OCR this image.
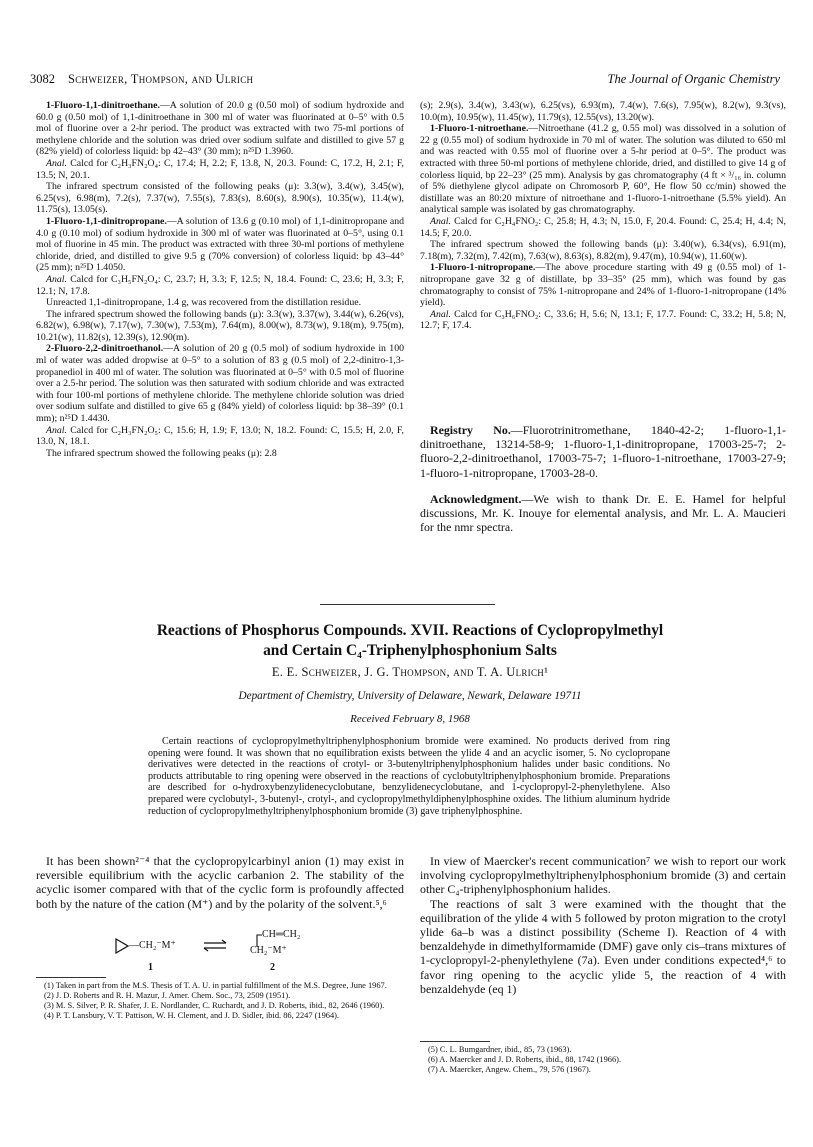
3082 Schweizer, Thompson, and Ulrich	The Journal of Organic Chemistry

1-Fluoro-1,1-dinitroethane.—A solution of 20.0 g (0.50 mol) of sodium hydroxide and 60.0 g (0.50 mol) of 1,1-dinitroethane in 300 ml of water was fluorinated at 0–5° with 0.5 mol of fluorine over a 2-hr period. The product was extracted with two 75-ml portions of methylene chloride and the solution was dried over sodium sulfate and distilled to give 57 g (82% yield) of colorless liquid: bp 42–43° (30 mm); n²⁵D 1.3960.

Anal. Calcd for C₂H₃FN₂O₄: C, 17.4; H, 2.2; F, 13.8, N, 20.3. Found: C, 17.2, H, 2.1; F, 13.5; N, 20.1.

The infrared spectrum consisted of the following peaks (μ): 3.3(w), 3.4(w), 3.45(w), 6.25(vs), 6.98(m), 7.2(s), 7.37(w), 7.55(s), 7.83(s), 8.60(s), 8.90(s), 10.35(w), 11.4(w), 11.75(s), 13.05(s).

1-Fluoro-1,1-dinitropropane.—A solution of 13.6 g (0.10 mol) of 1,1-dinitropropane and 4.0 g (0.10 mol) of sodium hydroxide in 300 ml of water was fluorinated at 0–5°, using 0.1 mol of fluorine in 45 min. The product was extracted with three 30-ml portions of methylene chloride, dried, and distilled to give 9.5 g (70% conversion) of colorless liquid: bp 43–44° (25 mm); n²⁵D 1.4050.

Anal. Calcd for C₃H₅FN₂O₄: C, 23.7; H, 3.3; F, 12.5; N, 18.4. Found: C, 23.6; H, 3.3; F, 12.1; N, 17.8.

Unreacted 1,1-dinitropropane, 1.4 g, was recovered from the distillation residue.

The infrared spectrum showed the following bands (μ): 3.3(w), 3.37(w), 3.44(w), 6.26(vs), 6.82(w), 6.98(w), 7.17(w), 7.30(w), 7.53(m), 7.64(m), 8.00(w), 8.73(w), 9.18(m), 9.75(m), 10.21(w), 11.82(s), 12.39(s), 12.90(m).

2-Fluoro-2,2-dinitroethanol.—A solution of 20 g (0.5 mol) of sodium hydroxide in 100 ml of water was added dropwise at 0–5° to a solution of 83 g (0.5 mol) of 2,2-dinitro-1,3-propanediol in 400 ml of water. The solution was fluorinated at 0–5° with 0.5 mol of fluorine over a 2.5-hr period. The solution was then saturated with sodium chloride and was extracted with four 100-ml portions of methylene chloride. The methylene chloride solution was dried over sodium sulfate and distilled to give 65 g (84% yield) of colorless liquid: bp 38–39° (0.1 mm); n²⁵D 1.4430.

Anal. Calcd for C₂H₃FN₂O₅: C, 15.6; H, 1.9; F, 13.0; N, 18.2. Found: C, 15.5; H, 2.0, F, 13.0, N, 18.1.

The infrared spectrum showed the following peaks (μ): 2.8

(s); 2.9(s), 3.4(w), 3.43(w), 6.25(vs), 6.93(m), 7.4(w), 7.6(s), 7.95(w), 8.2(w), 9.3(vs), 10.0(m), 10.95(w), 11.45(w), 11.79(s), 12.55(vs), 13.20(w).

1-Fluoro-1-nitroethane.—Nitroethane (41.2 g, 0.55 mol) was dissolved in a solution of 22 g (0.55 mol) of sodium hydroxide in 70 ml of water. The solution was diluted to 650 ml and was reacted with 0.55 mol of fluorine over a 5-hr period at 0–5°. The product was extracted with three 50-ml portions of methylene chloride, dried, and distilled to give 14 g of colorless liquid, bp 22–23° (25 mm). Analysis by gas chromatography (4 ft × ³/₁₆ in. column of 5% diethylene glycol adipate on Chromosorb P, 60°, He flow 50 cc/min) showed the distillate was an 80:20 mixture of nitroethane and 1-fluoro-1-nitroethane (5.5% yield). An analytical sample was isolated by gas chromatography.

Anal. Calcd for C₂H₄FNO₂: C, 25.8; H, 4.3; N, 15.0, F, 20.4. Found: C, 25.4; H, 4.4; N, 14.5; F, 20.0.

The infrared spectrum showed the following bands (μ): 3.40(w), 6.34(vs), 6.91(m), 7.18(m), 7.32(m), 7.42(m), 7.63(w), 8.63(s), 8.82(m), 9.47(m), 10.94(w), 11.60(w).

1-Fluoro-1-nitropropane.—The above procedure starting with 49 g (0.55 mol) of 1-nitropropane gave 32 g of distillate, bp 33–35° (25 mm), which was found by gas chromatography to consist of 75% 1-nitropropane and 24% of 1-fluoro-1-nitropropane (14% yield).

Anal. Calcd for C₃H₆FNO₂: C, 33.6; H, 5.6; N, 13.1; F, 17.7. Found: C, 33.2; H, 5.8; N, 12.7; F, 17.4.

Registry No.—Fluorotrinitromethane, 1840-42-2; 1-fluoro-1,1-dinitroethane, 13214-58-9; 1-fluoro-1,1-dinitropropane, 17003-25-7; 2-fluoro-2,2-dinitroethanol, 17003-75-7; 1-fluoro-1-nitroethane, 17003-27-9; 1-fluoro-1-nitropropane, 17003-28-0.

Acknowledgment.—We wish to thank Dr. E. E. Hamel for helpful discussions, Mr. K. Inouye for elemental analysis, and Mr. L. A. Maucieri for the nmr spectra.

Reactions of Phosphorus Compounds. XVII. Reactions of Cyclopropylmethyl
and Certain C₄-Triphenylphosphonium Salts
E. E. Schweizer, J. G. Thompson, and T. A. Ulrich¹
Department of Chemistry, University of Delaware, Newark, Delaware 19711
Received February 8, 1968
Certain reactions of cyclopropylmethyltriphenylphosphonium bromide were examined. No products derived from ring opening were found. It was shown that no equilibration exists between the ylide 4 and an acyclic isomer, 5. No cyclopropane derivatives were detected in the reactions of crotyl- or 3-butenyltriphenylphosphonium halides under basic conditions. No products attributable to ring opening were observed in the reactions of cyclobutyltriphenylphosphonium bromide. Preparations are described for o-hydroxybenzylidenecyclobutane, benzylidenecyclobutane, and 1-cyclopropyl-2-phenylethylene. Also prepared were cyclobutyl-, 3-butenyl-, crotyl-, and cyclopropylmethyldiphenylphosphine oxides. The lithium aluminum hydride reduction of cyclopropylmethyltriphenylphosphonium bromide (3) gave triphenylphosphine.

It has been shown²⁻⁴ that the cyclopropylcarbinyl anion (1) may exist in reversible equilibrium with the acyclic carbanion 2. The stability of the acyclic isomer compared with that of the cyclic form is profoundly affected both by the nature of the cation (M⁺) and by the polarity of the solvent.⁵,⁶

—CH₂⁻M⁺
CH═CH₂
CH₂⁻M⁺
1	2

In view of Maercker's recent communication⁷ we wish to report our work involving cyclopropylmethyltriphenylphosphonium bromide (3) and certain other C₄-triphenylphosphonium halides.

The reactions of salt 3 were examined with the thought that the equilibration of the ylide 4 with 5 followed by proton migration to the crotyl ylide 6a–b was a distinct possibility (Scheme I). Reaction of 4 with benzaldehyde in dimethylformamide (DMF) gave only cis–trans mixtures of 1-cyclopropyl-2-phenylethylene (7a). Even under conditions expected⁴,⁶ to favor ring opening to the acyclic ylide 5, the reaction of 4 with benzaldehyde (eq 1)

(1) Taken in part from the M.S. Thesis of T. A. U. in partial fulfillment of the M.S. Degree, June 1967.

(2) J. D. Roberts and R. H. Mazur, J. Amer. Chem. Soc., 73, 2509 (1951).

(3) M. S. Silver, P. R. Shafer, J. E. Nordlander, C. Ruchardt, and J. D. Roberts, ibid., 82, 2646 (1960).

(4) P. T. Lansbury, V. T. Pattison, W. H. Clement, and J. D. Sidler, ibid. 86, 2247 (1964).

(5) C. L. Bumgardner, ibid., 85, 73 (1963).

(6) A. Maercker and J. D. Roberts, ibid., 88, 1742 (1966).

(7) A. Maercker, Angew. Chem., 79, 576 (1967).
